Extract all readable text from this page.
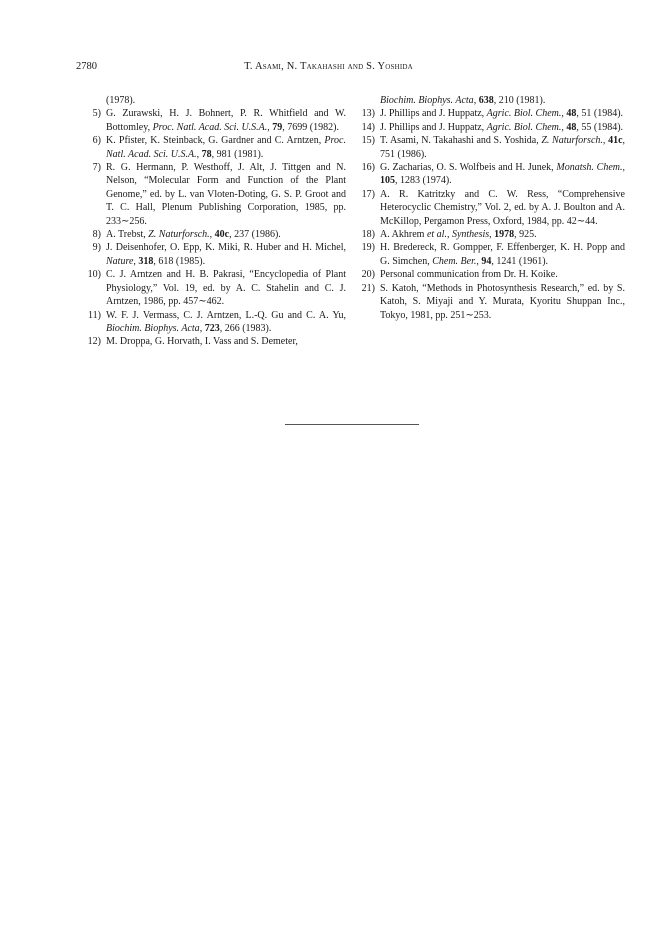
2780	T. Asami, N. Takahashi and S. Yoshida
(1978).
5) G. Zurawski, H. J. Bohnert, P. R. Whitfield and W. Bottomley, Proc. Natl. Acad. Sci. U.S.A., 79, 7699 (1982).
6) K. Pfister, K. Steinback, G. Gardner and C. Arntzen, Proc. Natl. Acad. Sci. U.S.A., 78, 981 (1981).
7) R. G. Hermann, P. Westhoff, J. Alt, J. Tittgen and N. Nelson, “Molecular Form and Function of the Plant Genome,” ed. by L. van Vloten-Doting, G. S. P. Groot and T. C. Hall, Plenum Publishing Corporation, 1985, pp. 233∼256.
8) A. Trebst, Z. Naturforsch., 40c, 237 (1986).
9) J. Deisenhofer, O. Epp, K. Miki, R. Huber and H. Michel, Nature, 318, 618 (1985).
10) C. J. Arntzen and H. B. Pakrasi, “Encyclopedia of Plant Physiology,” Vol. 19, ed. by A. C. Stahelin and C. J. Arntzen, 1986, pp. 457∼462.
11) W. F. J. Vermass, C. J. Arntzen, L.-Q. Gu and C. A. Yu, Biochim. Biophys. Acta, 723, 266 (1983).
12) M. Droppa, G. Horvath, I. Vass and S. Demeter,
Biochim. Biophys. Acta, 638, 210 (1981).
13) J. Phillips and J. Huppatz, Agric. Biol. Chem., 48, 51 (1984).
14) J. Phillips and J. Huppatz, Agric. Biol. Chem., 48, 55 (1984).
15) T. Asami, N. Takahashi and S. Yoshida, Z. Naturforsch., 41c, 751 (1986).
16) G. Zacharias, O. S. Wolfbeis and H. Junek, Monatsh. Chem., 105, 1283 (1974).
17) A. R. Katritzky and C. W. Ress, “Comprehensive Heterocyclic Chemistry,” Vol. 2, ed. by A. J. Boulton and A. McKillop, Pergamon Press, Oxford, 1984, pp. 42∼44.
18) A. Akhrem et al., Synthesis, 1978, 925.
19) H. Bredereck, R. Gompper, F. Effenberger, K. H. Popp and G. Simchen, Chem. Ber., 94, 1241 (1961).
20) Personal communication from Dr. H. Koike.
21) S. Katoh, “Methods in Photosynthesis Research,” ed. by S. Katoh, S. Miyaji and Y. Murata, Kyoritu Shuppan Inc., Tokyo, 1981, pp. 251∼253.
